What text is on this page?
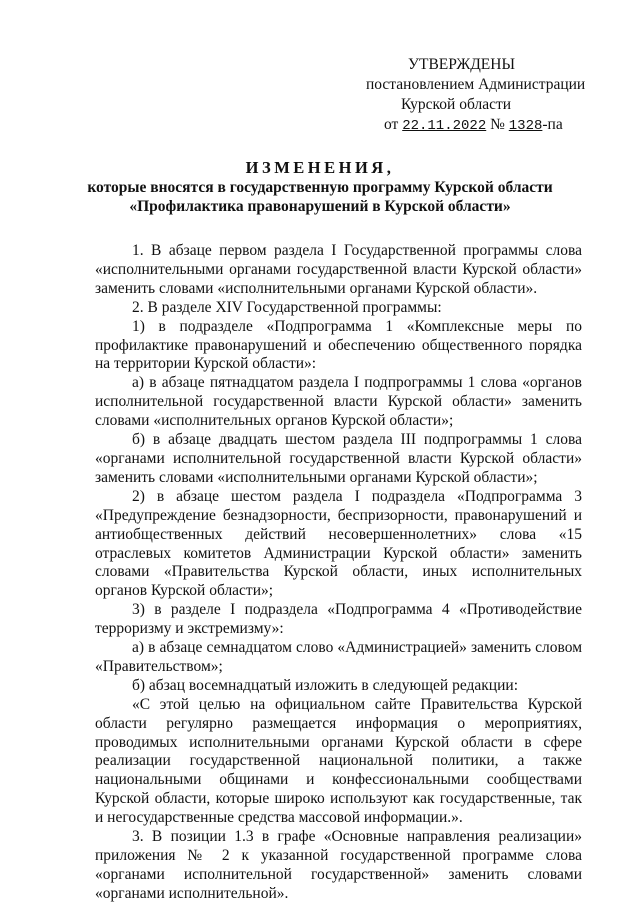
УТВЕРЖДЕНЫ
постановлением Администрации
Курской области
от 22.11.2022 № 1328-па
ИЗМЕНЕНИЯ,
которые вносятся в государственную программу Курской области
«Профилактика правонарушений в Курской области»

1. В абзаце первом раздела I Государственной программы слова «исполнительными органами государственной власти Курской области» заменить словами «исполнительными органами Курской области».

2. В разделе XIV Государственной программы:

1) в подразделе «Подпрограмма 1 «Комплексные меры по профилактике правонарушений и обеспечению общественного порядка на территории Курской области»:

а) в абзаце пятнадцатом раздела I подпрограммы 1 слова «органов исполнительной государственной власти Курской области» заменить словами «исполнительных органов Курской области»;

б) в абзаце двадцать шестом раздела III подпрограммы 1 слова «органами исполнительной государственной власти Курской области» заменить словами «исполнительными органами Курской области»;

2) в абзаце шестом раздела I подраздела «Подпрограмма 3 «Предупреждение безнадзорности, беспризорности, правонарушений и антиобщественных действий несовершеннолетних» слова «15 отраслевых комитетов Администрации Курской области» заменить словами «Правительства Курской области, иных исполнительных органов Курской области»;

3) в разделе I подраздела «Подпрограмма 4 «Противодействие терроризму и экстремизму»:

а) в абзаце семнадцатом слово «Администрацией» заменить словом «Правительством»;

б) абзац восемнадцатый изложить в следующей редакции:

«С этой целью на официальном сайте Правительства Курской области регулярно размещается информация о мероприятиях, проводимых исполнительными органами Курской области в сфере реализации государственной национальной политики, а также национальными общинами и конфессиональными сообществами Курской области, которые широко используют как государственные, так и негосударственные средства массовой информации.».

3. В позиции 1.3 в графе «Основные направления реализации» приложения № 2 к указанной государственной программе слова «органами исполнительной государственной» заменить словами «органами исполнительной».
